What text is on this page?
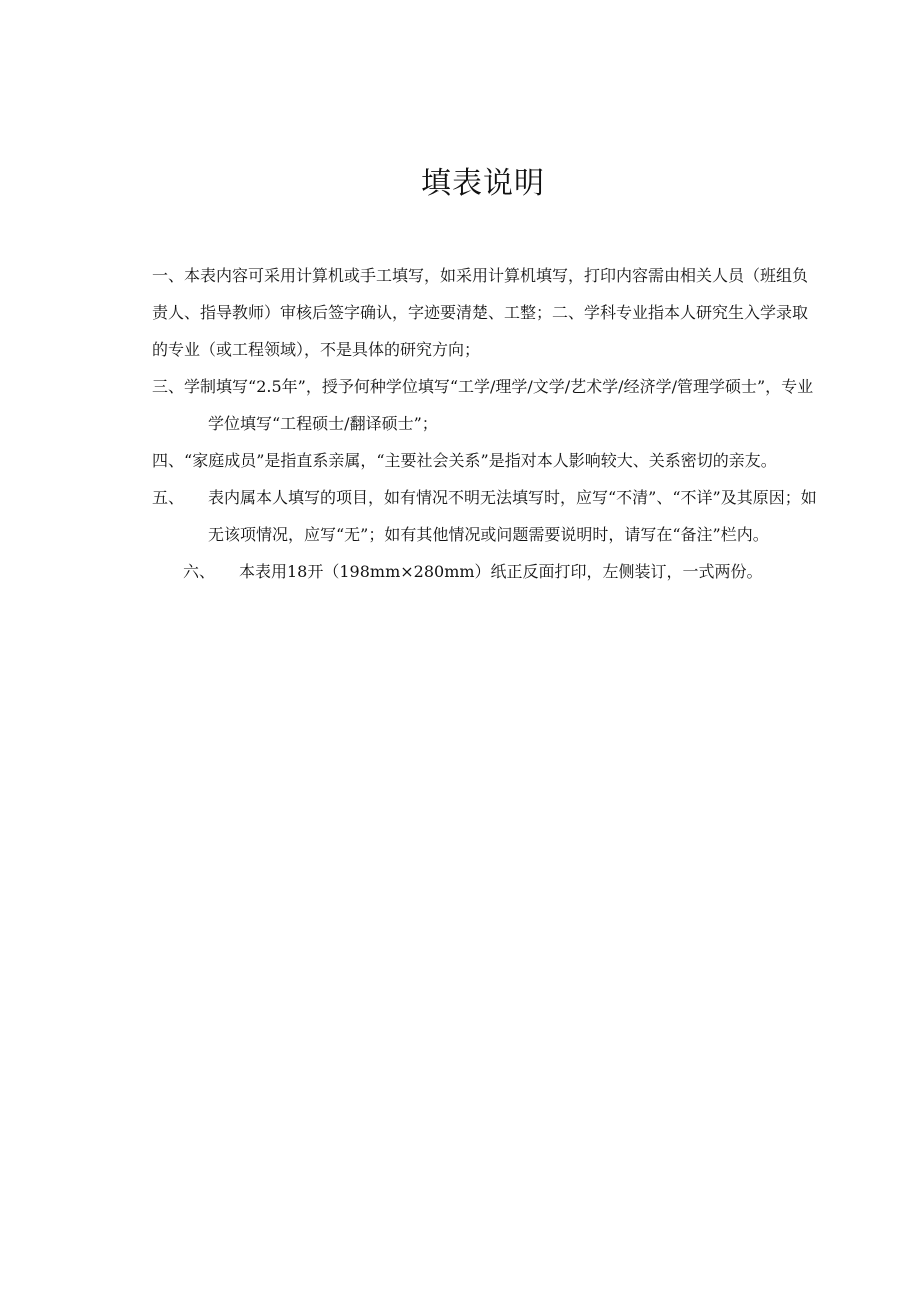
填表说明

一、本表内容可采用计算机或手工填写，如采用计算机填写，打印内容需由相关人员（班组负责人、指导教师）审核后签字确认，字迹要清楚、工整；二、学科专业指本人研究生入学录取的专业（或工程领域），不是具体的研究方向；

三、学制填写“2.5年”，授予何种学位填写“工学/理学/文学/艺术学/经济学/管理学硕士”，专业学位填写“工程硕士/翻译硕士”；

四、“家庭成员”是指直系亲属，“主要社会关系”是指对本人影响较大、关系密切的亲友。

五、 表内属本人填写的项目，如有情况不明无法填写时，应写“不清”、“不详”及其原因；如无该项情况，应写“无”；如有其他情况或问题需要说明时，请写在“备注”栏内。

六、 本表用18开（198mm×280mm）纸正反面打印，左侧装订，一式两份。
